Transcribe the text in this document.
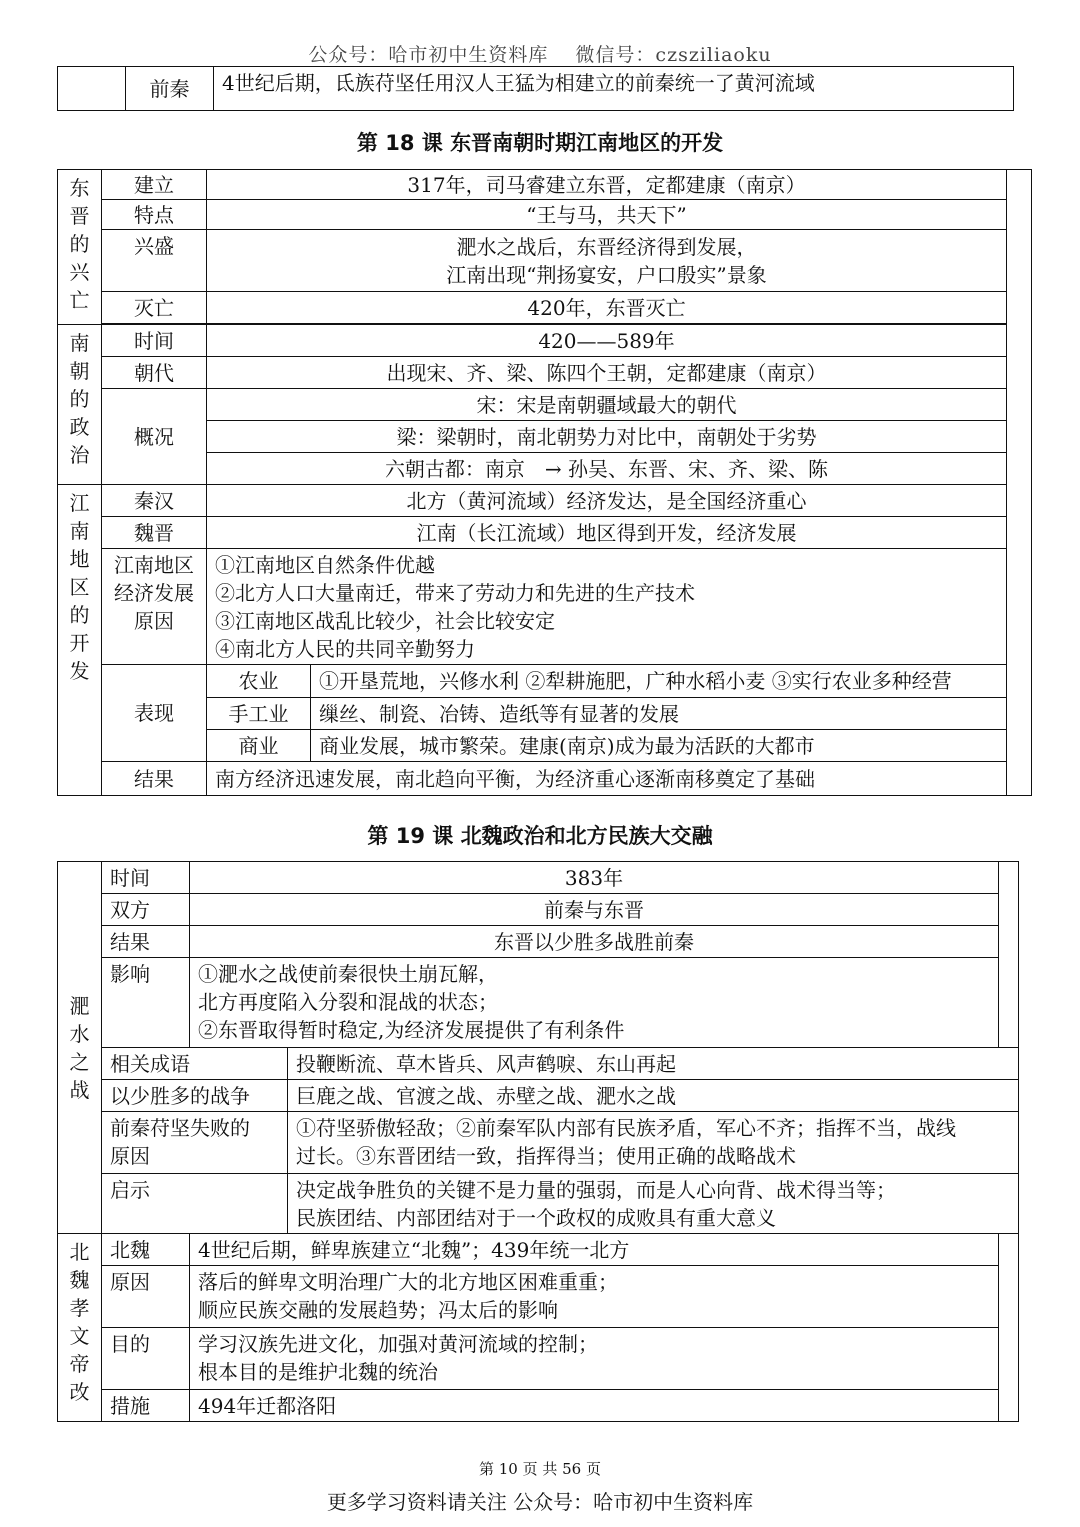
公众号：哈市初中生资料库　 微信号：czsziliaoku
	前秦	4世纪后期，氐族苻坚任用汉人王猛为相建立的前秦统一了黄河流域
第 18 课 东晋南朝时期江南地区的开发
东晋的兴亡	建立	317年，司马睿建立东晋，定都建康（南京）		
	特点	“王与马，共天下”		
	兴盛	淝水之战后，东晋经济得到发展，
江南出现“荆扬宴安，户口殷实”景象		

	灭亡	420年，东晋灭亡		

南朝的政治	时间	420——589年		
	朝代	出现宋、齐、梁、陈四个王朝，定都建康（南京）		
	概况	宋：宋是南朝疆域最大的朝代		
		梁：梁朝时，南北朝势力对比中，南朝处于劣势		
		六朝古都：南京　→ 孙吴、东晋、宋、齐、梁、陈		
江南地区的开发	秦汉	北方（黄河流域）经济发达，是全国经济重心		
	魏晋	江南（长江流域）地区得到开发，经济发展		

	江南地区
经济发展
原因	①江南地区自然条件优越
②北方人口大量南迁，带来了劳动力和先进的生产技术
③江南地区战乱比较少，社会比较安定
④南北方人民的共同辛勤努力		

	表现	农业	①开垦荒地，兴修水利 ②犁耕施肥，广种水稻小麦 ③实行农业多种经营	
		手工业	缫丝、制瓷、冶铸、造纸等有显著的发展	
		商业	商业发展，城市繁荣。建康(南京)成为最为活跃的大都市	
	结果	南方经济迅速发展，南北趋向平衡，为经济重心逐渐南移奠定了基础		
第 19 课 北魏政治和北方民族大交融
淝水之战	时间	383年		
	双方	前秦与东晋		
	结果	东晋以少胜多战胜前秦		
	影响	①淝水之战使前秦很快土崩瓦解，
北方再度陷入分裂和混战的状态；
②东晋取得暂时稳定,为经济发展提供了有利条件		

	相关成语		投鞭断流、草木皆兵、风声鹤唳、东山再起	
	以少胜多的战争		巨鹿之战、官渡之战、赤壁之战、淝水之战	

	前秦苻坚失败的
原因		①苻坚骄傲轻敌；②前秦军队内部有民族矛盾，军心不齐；指挥不当，战线
过长。③东晋团结一致，指挥得当；使用正确的战略战术	

	启示		决定战争胜负的关键不是力量的强弱，而是人心向背、战术得当等；
民族团结、内部团结对于一个政权的成败具有重大意义	

北魏孝文帝改	北魏	4世纪后期，鲜卑族建立“北魏”；439年统一北方		
	原因	落后的鲜卑文明治理广大的北方地区困难重重；
顺应民族交融的发展趋势；冯太后的影响		

	目的	学习汉族先进文化，加强对黄河流域的控制；
根本目的是维护北魏的统治		

	措施	494年迁都洛阳		
第 10 页 共 56 页
更多学习资料请关注 公众号：哈市初中生资料库
